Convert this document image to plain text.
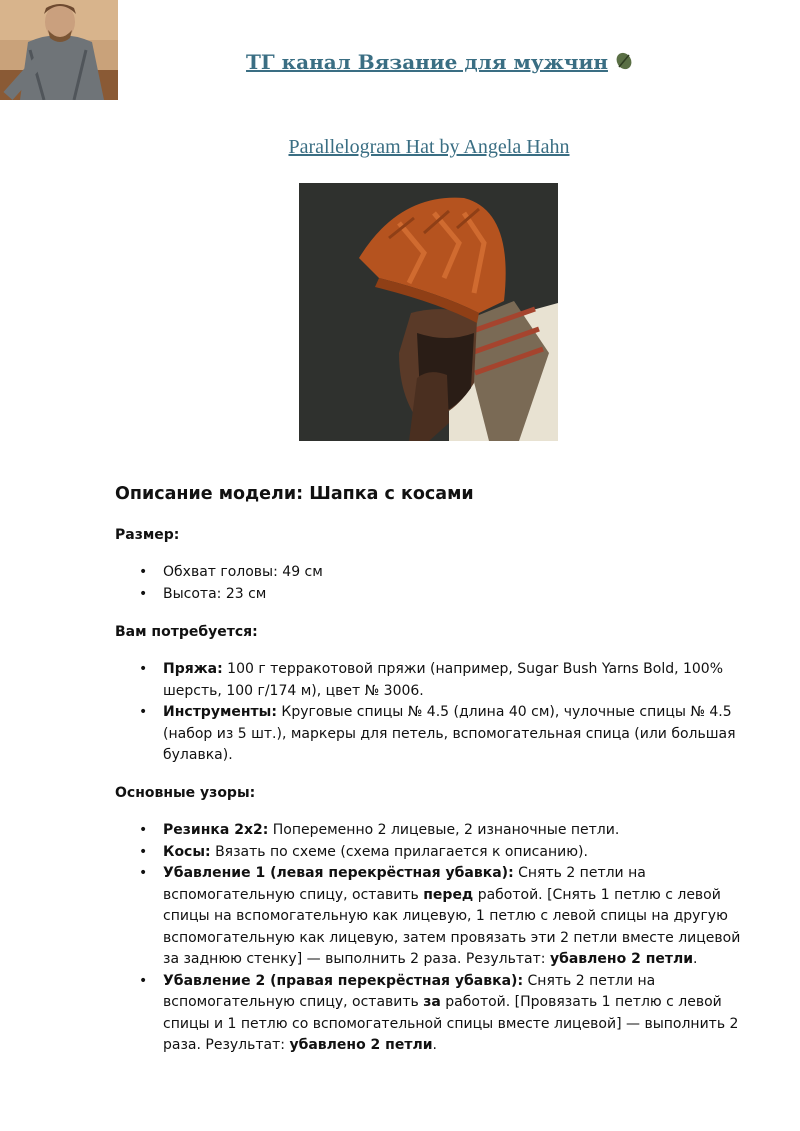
ТГ канал Вязание для мужчин
Parallelogram Hat by Angela Hahn
Описание модели: Шапка с косами
Размер:
• Обхват головы: 49 см
• Высота: 23 см
Вам потребуется:
• Пряжа: 100 г терракотовой пряжи (например, Sugar Bush Yarns Bold, 100% шерсть, 100 г/174 м), цвет № 3006.
• Инструменты: Круговые спицы № 4.5 (длина 40 см), чулочные спицы № 4.5 (набор из 5 шт.), маркеры для петель, вспомогательная спица (или большая булавка).
Основные узоры:
• Резинка 2x2: Попеременно 2 лицевые, 2 изнаночные петли.
• Косы: Вязать по схеме (схема прилагается к описанию).
• Убавление 1 (левая перекрёстная убавка): Снять 2 петли на вспомогательную спицу, оставить перед работой. [Снять 1 петлю с левой спицы на вспомогательную как лицевую, 1 петлю с левой спицы на другую вспомогательную как лицевую, затем провязать эти 2 петли вместе лицевой за заднюю стенку] — выполнить 2 раза. Результат: убавлено 2 петли.
• Убавление 2 (правая перекрёстная убавка): Снять 2 петли на вспомогательную спицу, оставить за работой. [Провязать 1 петлю с левой спицы и 1 петлю со вспомогательной спицы вместе лицевой] — выполнить 2 раза. Результат: убавлено 2 петли.
